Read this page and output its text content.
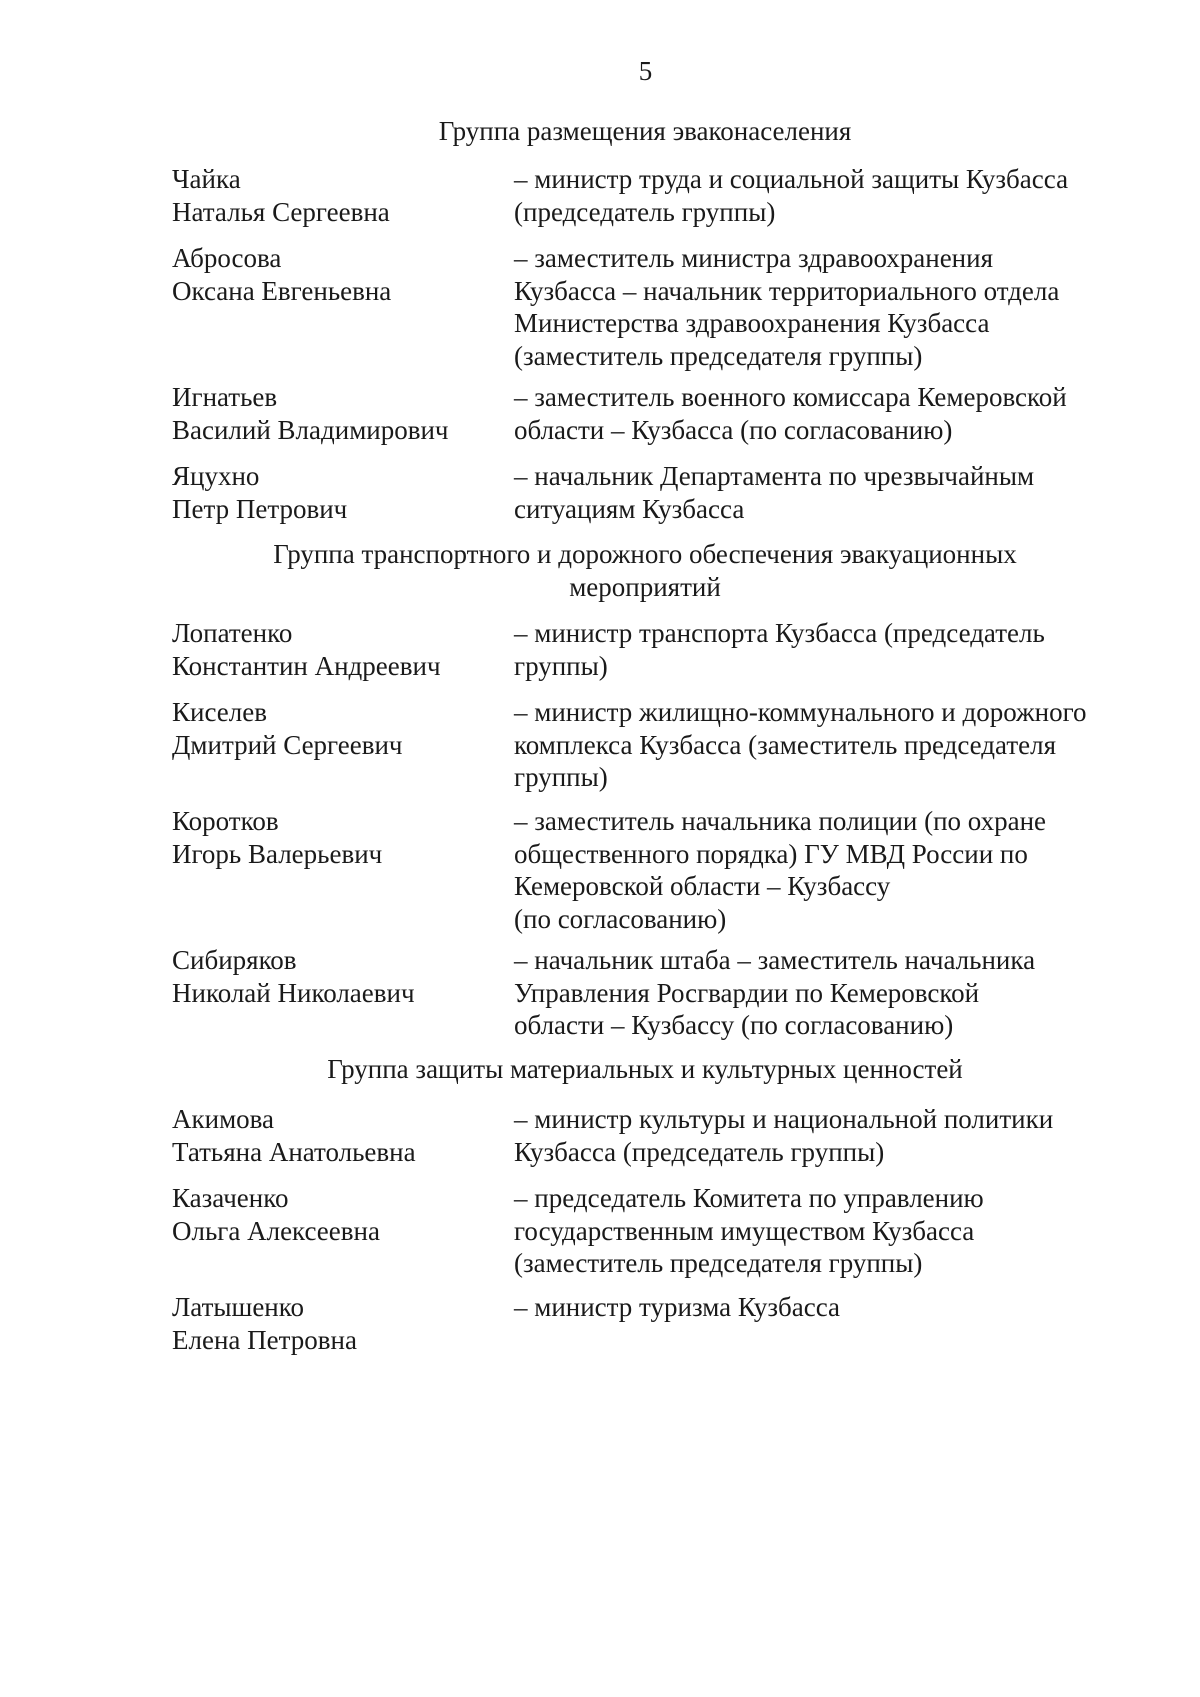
5
Группа размещения эваконаселения
Чайка
Наталья Сергеевна
– министр труда и социальной защиты Кузбасса
(председатель группы)
Абросова
Оксана Евгеньевна
– заместитель министра здравоохранения
Кузбасса – начальник территориального отдела
Министерства здравоохранения Кузбасса
(заместитель председателя группы)
Игнатьев
Василий Владимирович
– заместитель военного комиссара Кемеровской
области – Кузбасса (по согласованию)
Яцухно
Петр Петрович
– начальник Департамента по чрезвычайным
ситуациям Кузбасса
Группа транспортного и дорожного обеспечения эвакуационных
мероприятий
Лопатенко
Константин Андреевич
– министр транспорта Кузбасса (председатель
группы)
Киселев
Дмитрий Сергеевич
– министр жилищно-коммунального и дорожного
комплекса Кузбасса (заместитель председателя
группы)
Коротков
Игорь Валерьевич
– заместитель начальника полиции (по охране
общественного порядка) ГУ МВД России по
Кемеровской области – Кузбассу
(по согласованию)
Сибиряков
Николай Николаевич
– начальник штаба – заместитель начальника
Управления Росгвардии по Кемеровской
области – Кузбассу (по согласованию)
Группа защиты материальных и культурных ценностей
Акимова
Татьяна Анатольевна
– министр культуры и национальной политики
Кузбасса (председатель группы)
Казаченко
Ольга Алексеевна
– председатель Комитета по управлению
государственным имуществом Кузбасса
(заместитель председателя группы)
Латышенко
Елена Петровна
– министр туризма Кузбасса
